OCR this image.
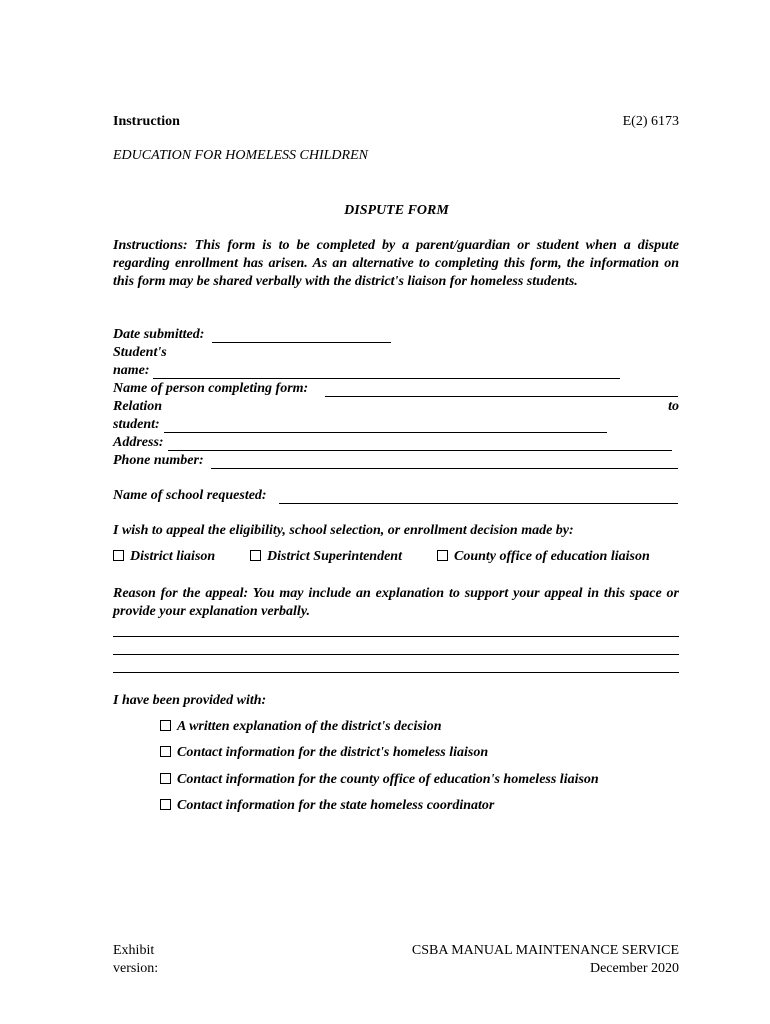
Instruction	E(2) 6173
EDUCATION FOR HOMELESS CHILDREN
DISPUTE FORM
Instructions: This form is to be completed by a parent/guardian or student when a dispute regarding enrollment has arisen. As an alternative to completing this form, the information on this form may be shared verbally with the district's liaison for homeless students.
Date submitted:
Student's
name:
Name of person completing form:
Relation	to
student:
Address:
Phone number:
Name of school requested:
I wish to appeal the eligibility, school selection, or enrollment decision made by:
District liaison	District Superintendent	County office of education liaison
Reason for the appeal: You may include an explanation to support your appeal in this space or provide your explanation verbally.
I have been provided with:
A written explanation of the district's decision
Contact information for the district's homeless liaison
Contact information for the county office of education's homeless liaison
Contact information for the state homeless coordinator
Exhibit
version:
CSBA MANUAL MAINTENANCE SERVICE
December 2020
